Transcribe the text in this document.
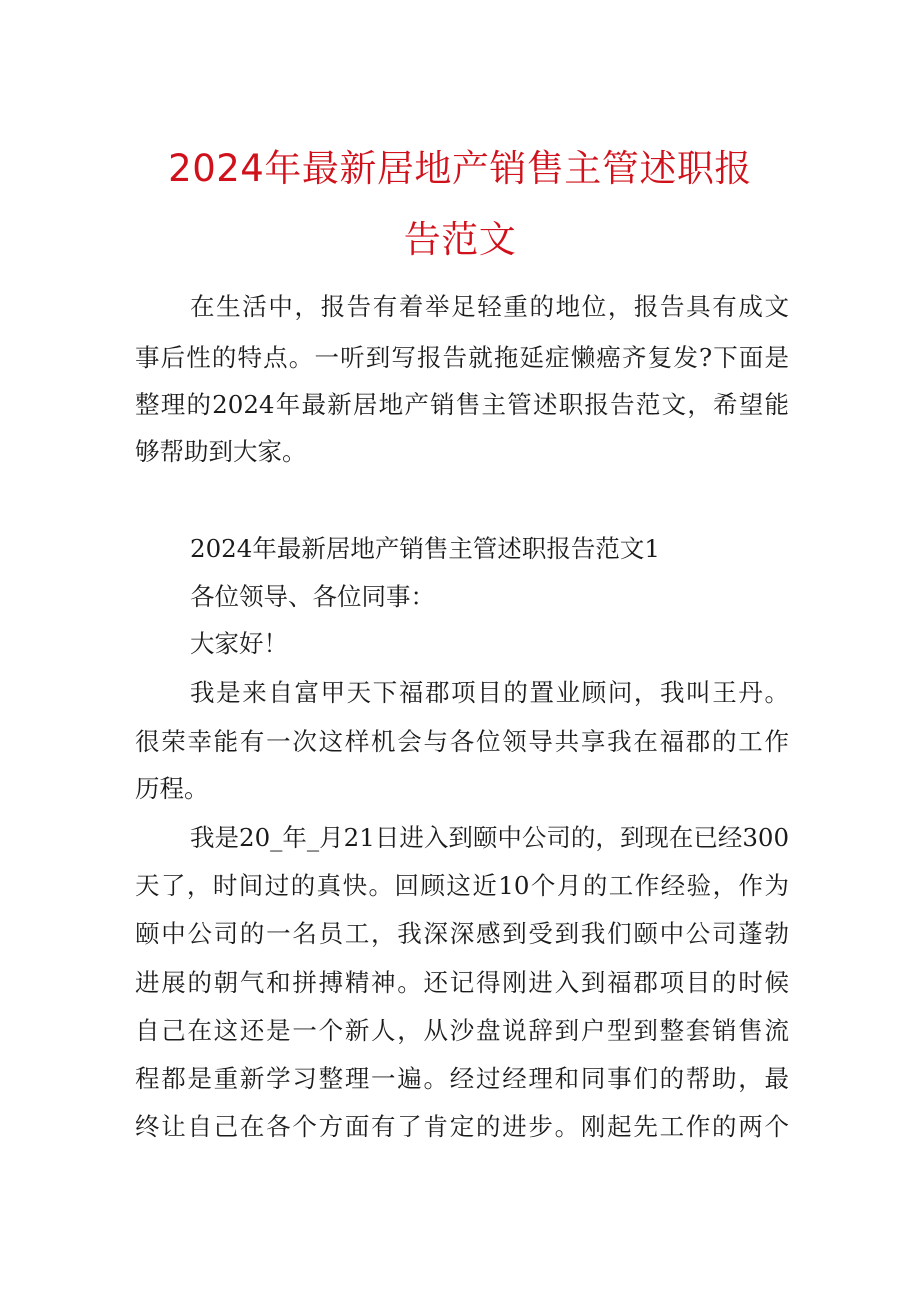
2024年最新居地产销售主管述职报
告范文
在生活中，报告有着举足轻重的地位，报告具有成文
事后性的特点。一听到写报告就拖延症懒癌齐复发?下面是
整理的2024年最新居地产销售主管述职报告范文，希望能
够帮助到大家。
2024年最新居地产销售主管述职报告范文1
各位领导、各位同事：
大家好！
我是来自富甲天下福郡项目的置业顾问，我叫王丹。
很荣幸能有一次这样机会与各位领导共享我在福郡的工作
历程。
我是20_年_月21日进入到颐中公司的，到现在已经300
天了，时间过的真快。回顾这近10个月的工作经验，作为
颐中公司的一名员工，我深深感到受到我们颐中公司蓬勃
进展的朝气和拼搏精神。还记得刚进入到福郡项目的时候
自己在这还是一个新人，从沙盘说辞到户型到整套销售流
程都是重新学习整理一遍。经过经理和同事们的帮助，最
终让自己在各个方面有了肯定的进步。刚起先工作的两个
